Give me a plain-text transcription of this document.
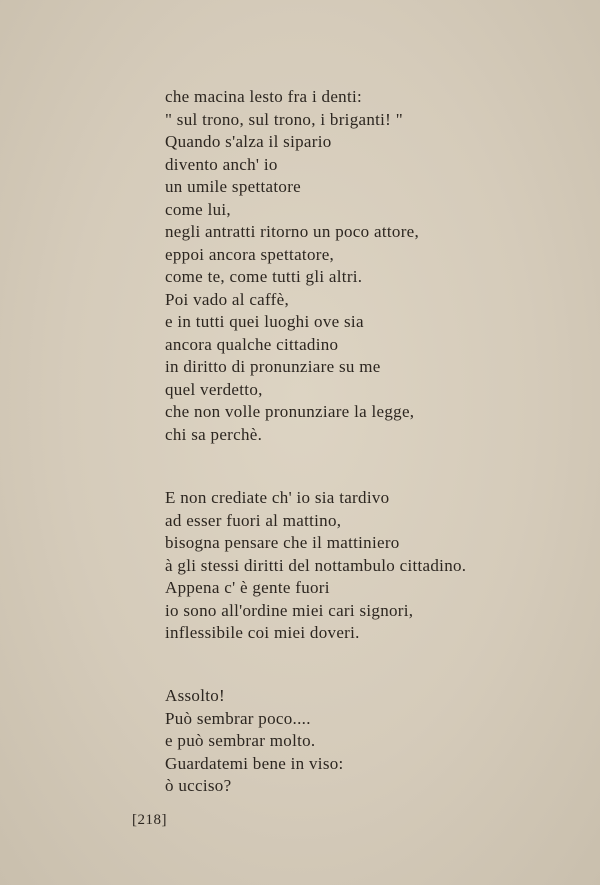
che macina lesto fra i denti:
" sul trono, sul trono, i briganti! "
Quando s'alza il sipario
divento anch' io
un umile spettatore
come lui,
negli antratti ritorno un poco attore,
eppoi ancora spettatore,
come te, come tutti gli altri.
Poi vado al caffè,
e in tutti quei luoghi ove sia
ancora qualche cittadino
in diritto di pronunziare su me
quel verdetto,
che non volle pronunziare la legge,
chi sa perchè.
E non crediate ch' io sia tardivo
ad esser fuori al mattino,
bisogna pensare che il mattiniero
à gli stessi diritti del nottambulo cittadino.
Appena c' è gente fuori
io sono all'ordine miei cari signori,
inflessibile coi miei doveri.
Assolto!
Può sembrar poco....
e può sembrar molto.
Guardatemi bene in viso:
ò ucciso?
[218]
